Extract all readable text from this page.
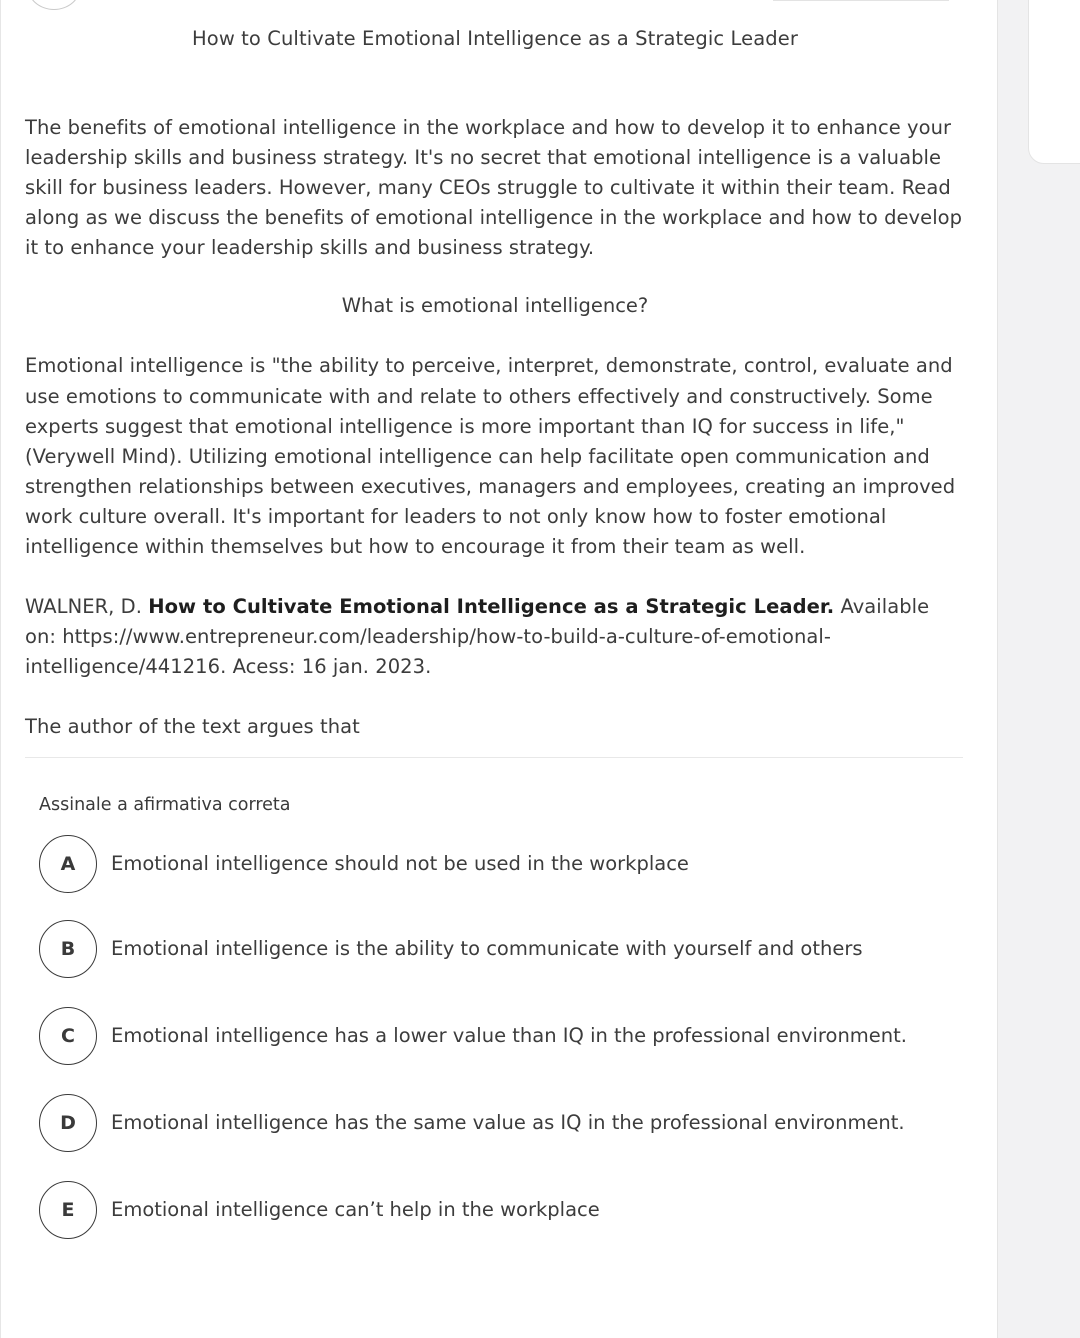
How to Cultivate Emotional Intelligence as a Strategic Leader

The benefits of emotional intelligence in the workplace and how to develop it to enhance your leadership skills and business strategy. It's no secret that emotional intelligence is a valuable skill for business leaders. However, many CEOs struggle to cultivate it within their team. Read along as we discuss the benefits of emotional intelligence in the workplace and how to develop it to enhance your leadership skills and business strategy.

What is emotional intelligence?

Emotional intelligence is "the ability to perceive, interpret, demonstrate, control, evaluate and use emotions to communicate with and relate to others effectively and constructively. Some experts suggest that emotional intelligence is more important than IQ for success in life," (Verywell Mind). Utilizing emotional intelligence can help facilitate open communication and strengthen relationships between executives, managers and employees, creating an improved work culture overall. It's important for leaders to not only know how to foster emotional intelligence within themselves but how to encourage it from their team as well.

WALNER, D. How to Cultivate Emotional Intelligence as a Strategic Leader. Available on: https://www.entrepreneur.com/leadership/how-to-build-a-culture-of-emotional-intelligence/441216. Acess: 16 jan. 2023.

The author of the text argues that

Assinale a afirmativa correta
A	Emotional intelligence should not be used in the workplace
B	Emotional intelligence is the ability to communicate with yourself and others
C	Emotional intelligence has a lower value than IQ in the professional environment.
D	Emotional intelligence has the same value as IQ in the professional environment.
E	Emotional intelligence can’t help in the workplace
